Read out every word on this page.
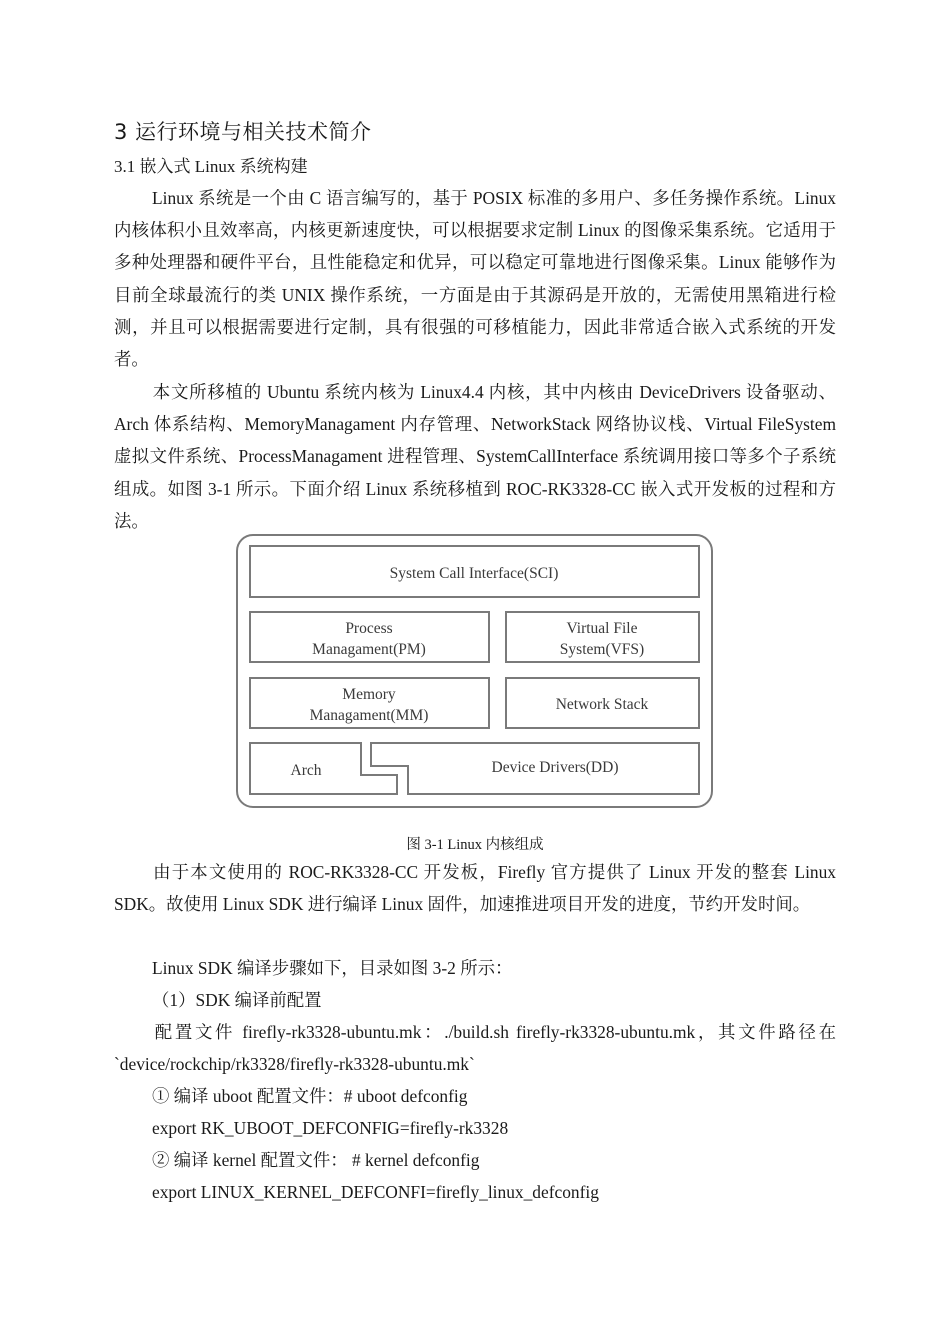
3 运行环境与相关技术简介
3.1 嵌入式 Linux 系统构建
Linux 系统是一个由 C 语言编写的，基于 POSIX 标准的多用户、多任务操作系统。Linux 内核体积小且效率高，内核更新速度快，可以根据要求定制 Linux 的图像采集系统。它适用于多种处理器和硬件平台，且性能稳定和优异，可以稳定可靠地进行图像采集。Linux 能够作为目前全球最流行的类 UNIX 操作系统，一方面是由于其源码是开放的，无需使用黑箱进行检测，并且可以根据需要进行定制，具有很强的可移植能力，因此非常适合嵌入式系统的开发者。
本文所移植的 Ubuntu 系统内核为 Linux4.4 内核，其中内核由 DeviceDrivers 设备驱动、Arch 体系结构、MemoryManagament 内存管理、NetworkStack 网络协议栈、Virtual FileSystem 虚拟文件系统、ProcessManagament 进程管理、SystemCallInterface 系统调用接口等多个子系统组成。如图 3-1 所示。下面介绍 Linux 系统移植到 ROC-RK3328-CC 嵌入式开发板的过程和方法。
System Call Interface(SCI)
Process
Managament(PM)
Virtual File
System(VFS)
Memory
Managament(MM)
Network Stack
Arch	Device Drivers(DD)
图 3-1 Linux 内核组成
由于本文使用的 ROC-RK3328-CC 开发板，Firefly 官方提供了 Linux 开发的整套 Linux SDK。故使用 Linux SDK 进行编译 Linux 固件，加速推进项目开发的进度，节约开发时间。
Linux SDK 编译步骤如下，目录如图 3-2 所示：
（1）SDK 编译前配置
配置文件 firefly-rk3328-ubuntu.mk：./build.sh firefly-rk3328-ubuntu.mk，其文件路径在 `device/rockchip/rk3328/firefly-rk3328-ubuntu.mk`
① 编译 uboot 配置文件：# uboot defconfig
export RK_UBOOT_DEFCONFIG=firefly-rk3328
② 编译 kernel 配置文件： # kernel defconfig
export LINUX_KERNEL_DEFCONFI=firefly_linux_defconfig
